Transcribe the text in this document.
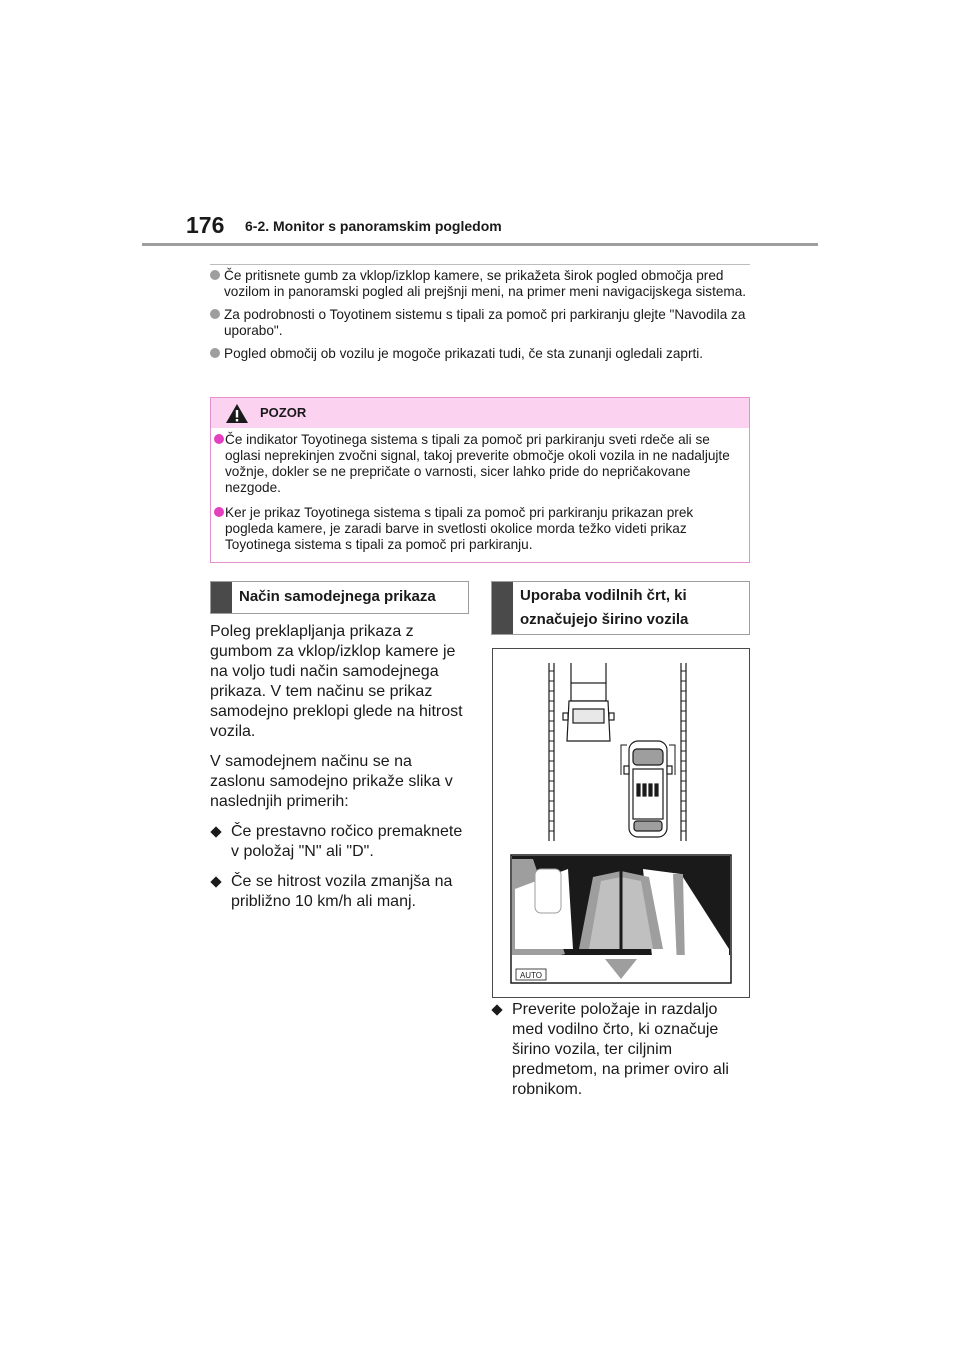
176 6-2. Monitor s panoramskim pogledom
Če pritisnete gumb za vklop/izklop kamere, se prikažeta širok pogled območja pred vozilom in panoramski pogled ali prejšnji meni, na primer meni navigacijskega sistema.
Za podrobnosti o Toyotinem sistemu s tipali za pomoč pri parkiranju glejte "Navodila za uporabo".
Pogled območij ob vozilu je mogoče prikazati tudi, če sta zunanji ogledali zaprti.
POZOR
Če indikator Toyotinega sistema s tipali za pomoč pri parkiranju sveti rdeče ali se oglasi neprekinjen zvočni signal, takoj preverite območje okoli vozila in ne nadaljujte vožnje, dokler se ne prepričate o varnosti, sicer lahko pride do nepričakovane nezgode.
Ker je prikaz Toyotinega sistema s tipali za pomoč pri parkiranju prikazan prek pogleda kamere, je zaradi barve in svetlosti okolice morda težko videti prikaz Toyotinega sistema s tipali za pomoč pri parkiranju.
Način samodejnega prikaza

Poleg preklapljanja prikaza z gumbom za vklop/izklop kamere je na voljo tudi način samodejnega prikaza. V tem načinu se prikaz samodejno preklopi glede na hitrost vozila.

V samodejnem načinu se na zaslonu samodejno prikaže slika v naslednjih primerih:

Če prestavno ročico premaknete v položaj "N" ali "D".
Če se hitrost vozila zmanjša na približno 10 km/h ali manj.
Uporaba vodilnih črt, ki
označujejo širino vozila
AUTO
Preverite položaje in razdaljo med vodilno črto, ki označuje širino vozila, ter ciljnim predmetom, na primer oviro ali robnikom.
